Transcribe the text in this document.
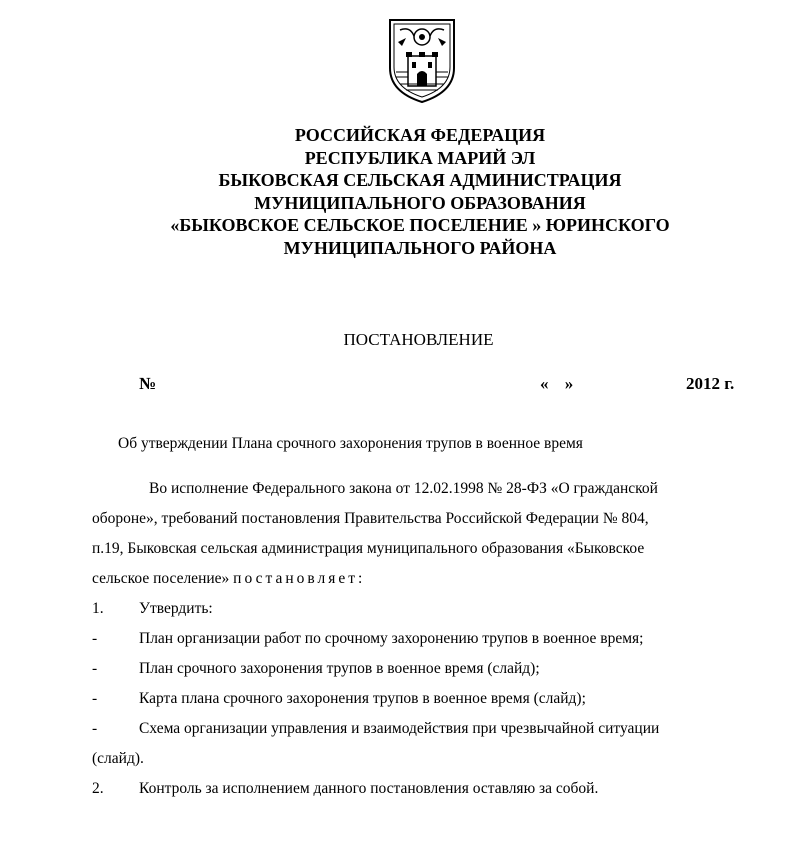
РОССИЙСКАЯ ФЕДЕРАЦИЯ
РЕСПУБЛИКА МАРИЙ ЭЛ
БЫКОВСКАЯ СЕЛЬСКАЯ АДМИНИСТРАЦИЯ
МУНИЦИПАЛЬНОГО ОБРАЗОВАНИЯ
«БЫКОВСКОЕ СЕЛЬСКОЕ ПОСЕЛЕНИЕ » ЮРИНСКОГО
МУНИЦИПАЛЬНОГО РАЙОНА
ПОСТАНОВЛЕНИЕ
№	« »	2012 г.
Об утверждении Плана срочного захоронения трупов в военное время
Во исполнение Федерального закона от 12.02.1998 № 28-ФЗ «О гражданской
обороне», требований постановления Правительства Российской Федерации № 804,
п.19, Быковская сельская администрация муниципального образования «Быковское
сельское поселение» постановляет:
1.	Утвердить:
-	План организации работ по срочному захоронению трупов в военное время;
-	План срочного захоронения трупов в военное время (слайд);
-	Карта плана срочного захоронения трупов в военное время (слайд);
-	Схема организации управления и взаимодействия при чрезвычайной ситуации
(слайд).
2.	Контроль за исполнением данного постановления оставляю за собой.
